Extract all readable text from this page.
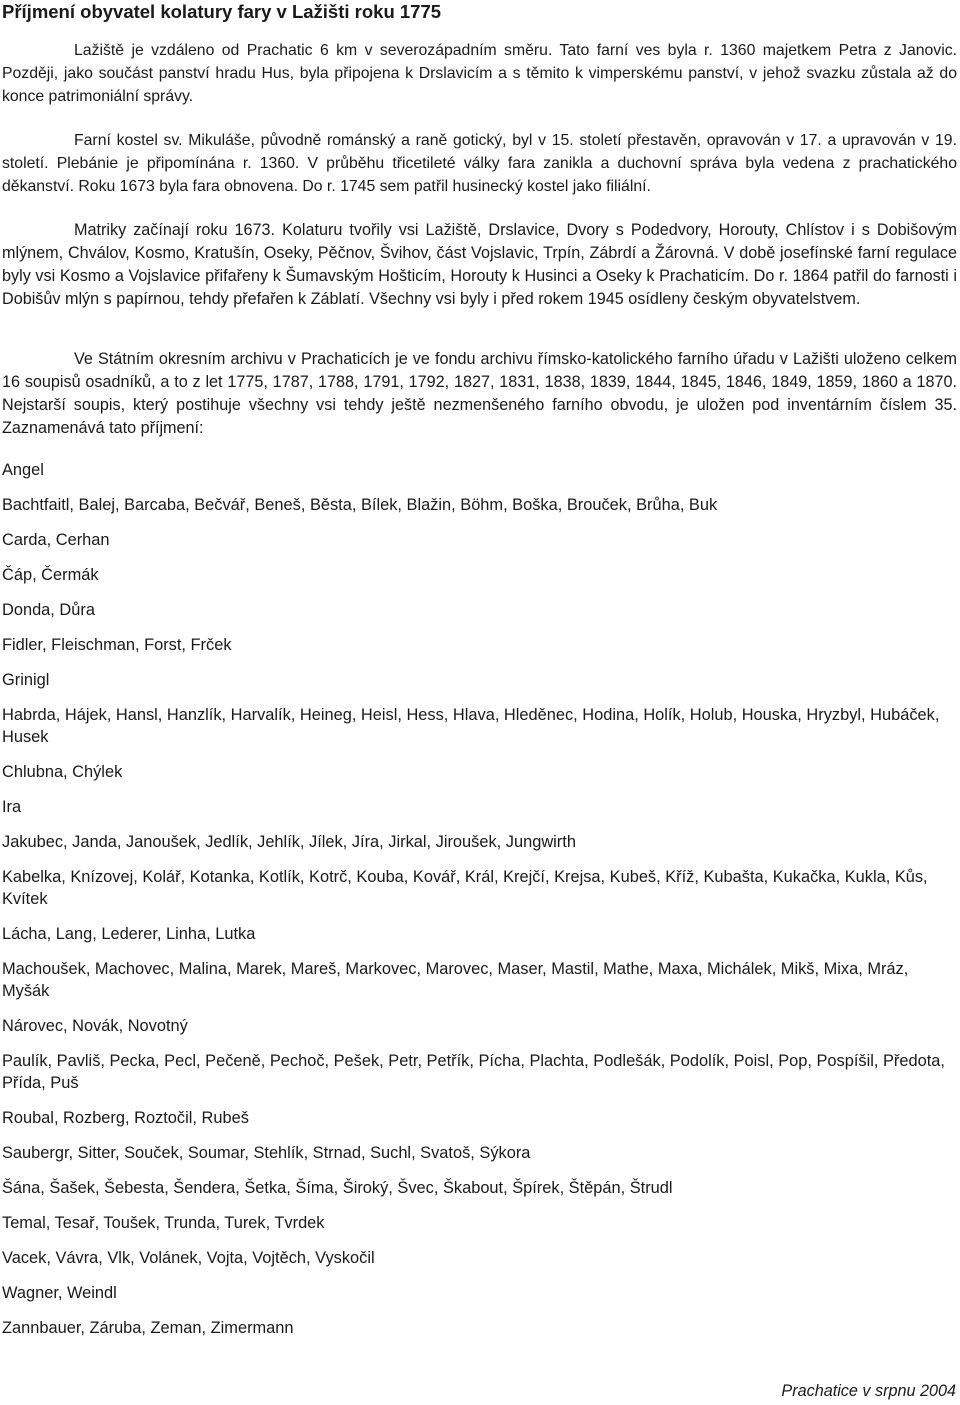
Příjmení obyvatel kolatury fary v Lažišti roku 1775

Lažiště je vzdáleno od Prachatic 6 km v severozápadním směru. Tato farní ves byla r. 1360 majetkem Petra z Janovic. Později, jako součást panství hradu Hus, byla připojena k Drslavicím a s těmito k vimperskému panství, v jehož svazku zůstala až do konce patrimoniální správy.

Farní kostel sv. Mikuláše, původně románský a raně gotický, byl v 15. století přestavěn, opravován v 17. a upravován v 19. století. Plebánie je připomínána r. 1360. V průběhu třicetileté války fara zanikla a duchovní správa byla vedena z prachatického děkanství. Roku 1673 byla fara obnovena. Do r. 1745 sem patřil husinecký kostel jako filiální.

Matriky začínají roku 1673. Kolaturu tvořily vsi Lažiště, Drslavice, Dvory s Podedvory, Horouty, Chlístov i s Dobišovým mlýnem, Chválov, Kosmo, Kratušín, Oseky, Pěčnov, Švihov, část Vojslavic, Trpín, Zábrdí a Žárovná. V době josefínské farní regulace byly vsi Kosmo a Vojslavice přifařeny k Šumavským Hošticím, Horouty k Husinci a Oseky k Prachaticím. Do r. 1864 patřil do farnosti i Dobišův mlýn s papírnou, tehdy přefařen k Záblatí. Všechny vsi byly i před rokem 1945 osídleny českým obyvatelstvem.

Ve Státním okresním archivu v Prachaticích je ve fondu archivu římsko-katolického farního úřadu v Lažišti uloženo celkem 16 soupisů osadníků, a to z let 1775, 1787, 1788, 1791, 1792, 1827, 1831, 1838, 1839, 1844, 1845, 1846, 1849, 1859, 1860 a 1870. Nejstarší soupis, který postihuje všechny vsi tehdy ještě nezmenšeného farního obvodu, je uložen pod inventárním číslem 35. Zaznamenává tato příjmení:

Angel
Bachtfaitl, Balej, Barcaba, Bečvář, Beneš, Běsta, Bílek, Blažin, Böhm, Boška, Brouček, Brůha, Buk
Carda, Cerhan
Čáp, Čermák
Donda, Důra
Fidler, Fleischman, Forst, Frček
Grinigl
Habrda, Hájek, Hansl, Hanzlík, Harvalík, Heineg, Heisl, Hess, Hlava, Hleděnec, Hodina, Holík, Holub, Houska, Hryzbyl, Hubáček, Husek
Chlubna, Chýlek
Ira
Jakubec, Janda, Janoušek, Jedlík, Jehlík, Jílek, Jíra, Jirkal, Jiroušek, Jungwirth
Kabelka, Knízovej, Kolář, Kotanka, Kotlík, Kotrč, Kouba, Kovář, Král, Krejčí, Krejsa, Kubeš, Kříž, Kubašta, Kukačka, Kukla, Kůs, Kvítek
Lácha, Lang, Lederer, Linha, Lutka
Machoušek, Machovec, Malina, Marek, Mareš, Markovec, Marovec, Maser, Mastil, Mathe, Maxa, Michálek, Mikš, Mixa, Mráz, Myšák
Nárovec, Novák, Novotný
Paulík, Pavliš, Pecka, Pecl, Pečeně, Pechoč, Pešek, Petr, Petřík, Pícha, Plachta, Podlešák, Podolík, Poisl, Pop, Pospíšil, Předota, Přída, Puš
Roubal, Rozberg, Roztočil, Rubeš
Saubergr, Sitter, Souček, Soumar, Stehlík, Strnad, Suchl, Svatoš, Sýkora
Šána, Šašek, Šebesta, Šendera, Šetka, Šíma, Široký, Švec, Škabout, Špírek, Štěpán, Štrudl
Temal, Tesař, Toušek, Trunda, Turek, Tvrdek
Vacek, Vávra, Vlk, Volánek, Vojta, Vojtěch, Vyskočil
Wagner, Weindl
Zannbauer, Záruba, Zeman, Zimermann
Prachatice v srpnu 2004
